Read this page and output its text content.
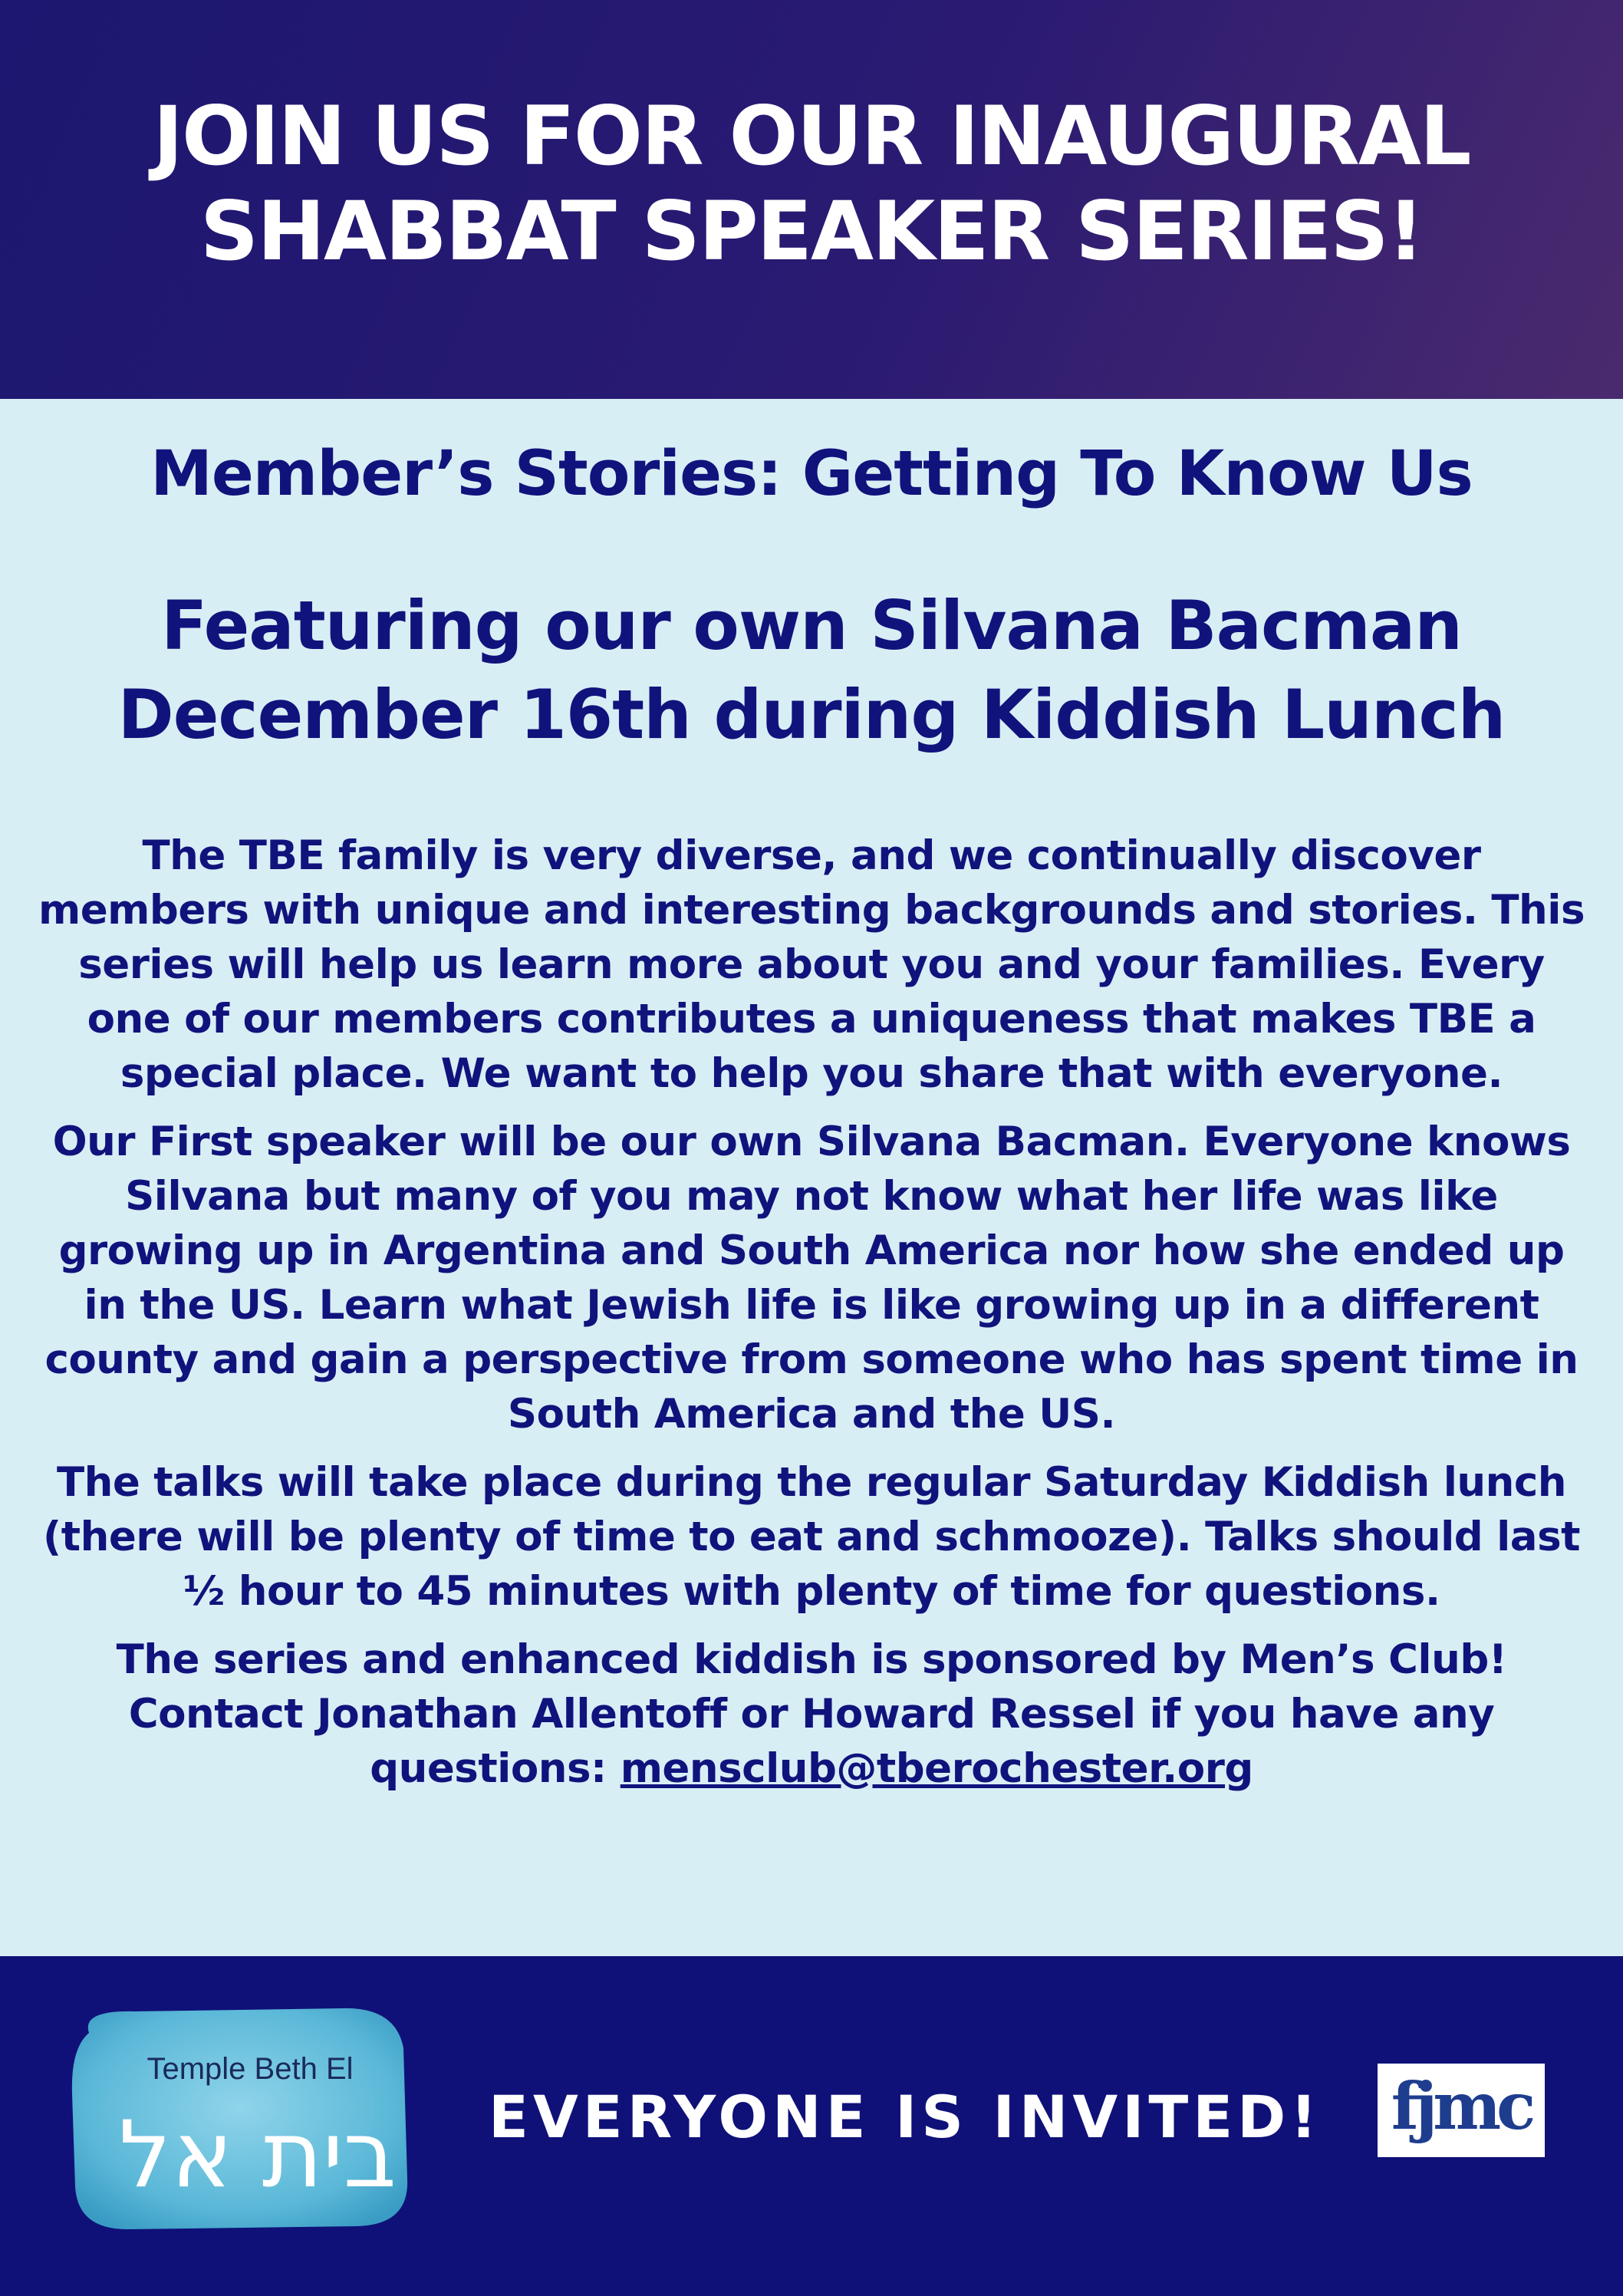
JOIN US FOR OUR INAUGURAL
SHABBAT SPEAKER SERIES!
Member’s Stories: Getting To Know Us
Featuring our own Silvana Bacman
December 16th during Kiddish Lunch

The TBE family is very diverse, and we continually discover members with unique and interesting backgrounds and stories. This series will help us learn more about you and your families. Every one of our members contributes a uniqueness that makes TBE a special place. We want to help you share that with everyone.

Our First speaker will be our own Silvana Bacman. Everyone knows Silvana but many of you may not know what her life was like growing up in Argentina and South America nor how she ended up in the US. Learn what Jewish life is like growing up in a different county and gain a perspective from someone who has spent time in South America and the US.

The talks will take place during the regular Saturday Kiddish lunch (there will be plenty of time to eat and schmooze). Talks should last ½ hour to 45 minutes with plenty of time for questions.

The series and enhanced kiddish is sponsored by Men’s Club! Contact Jonathan Allentoff or Howard Ressel if you have any questions: mensclub@tberochester.org

Temple Beth El
בית אל EVERYONE IS INVITED! fjmc
